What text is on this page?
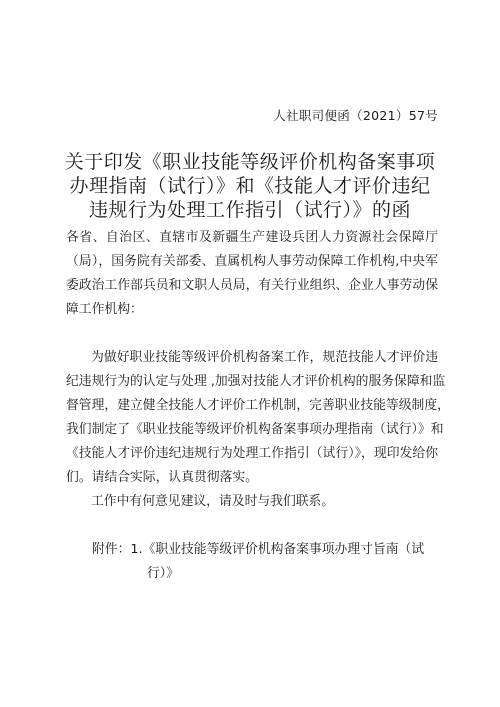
人社职司便函（2021）57号
关于印发《职业技能等级评价机构备案事项
办理指南（试行）》和《技能人才评价违纪
违规行为处理工作指引（试行）》的函
各省、自治区、直辖市及新疆生产建设兵团人力资源社会保障厅
（局），国务院有关部委、直属机构人事劳动保障工作机构,中央军
委政治工作部兵员和文职人员局，有关行业组织、企业人事劳动保
障工作机构：
为做好职业技能等级评价机构备案工作，规范技能人才评价违
纪违规行为的认定与处理 ,加强对技能人才评价机构的服务保障和监
督管理，建立健全技能人才评价工作机制，完善职业技能等级制度，
我们制定了《职业技能等级评价机构备案事项办理指南（试行）》和
《技能人才评价违纪违规行为处理工作指引（试行）》，现印发给你
们。请结合实际，认真贯彻落实。
工作中有何意见建议，请及时与我们联系。
附件：1.《职业技能等级评价机构备案事项办理寸旨南（试
行）》
